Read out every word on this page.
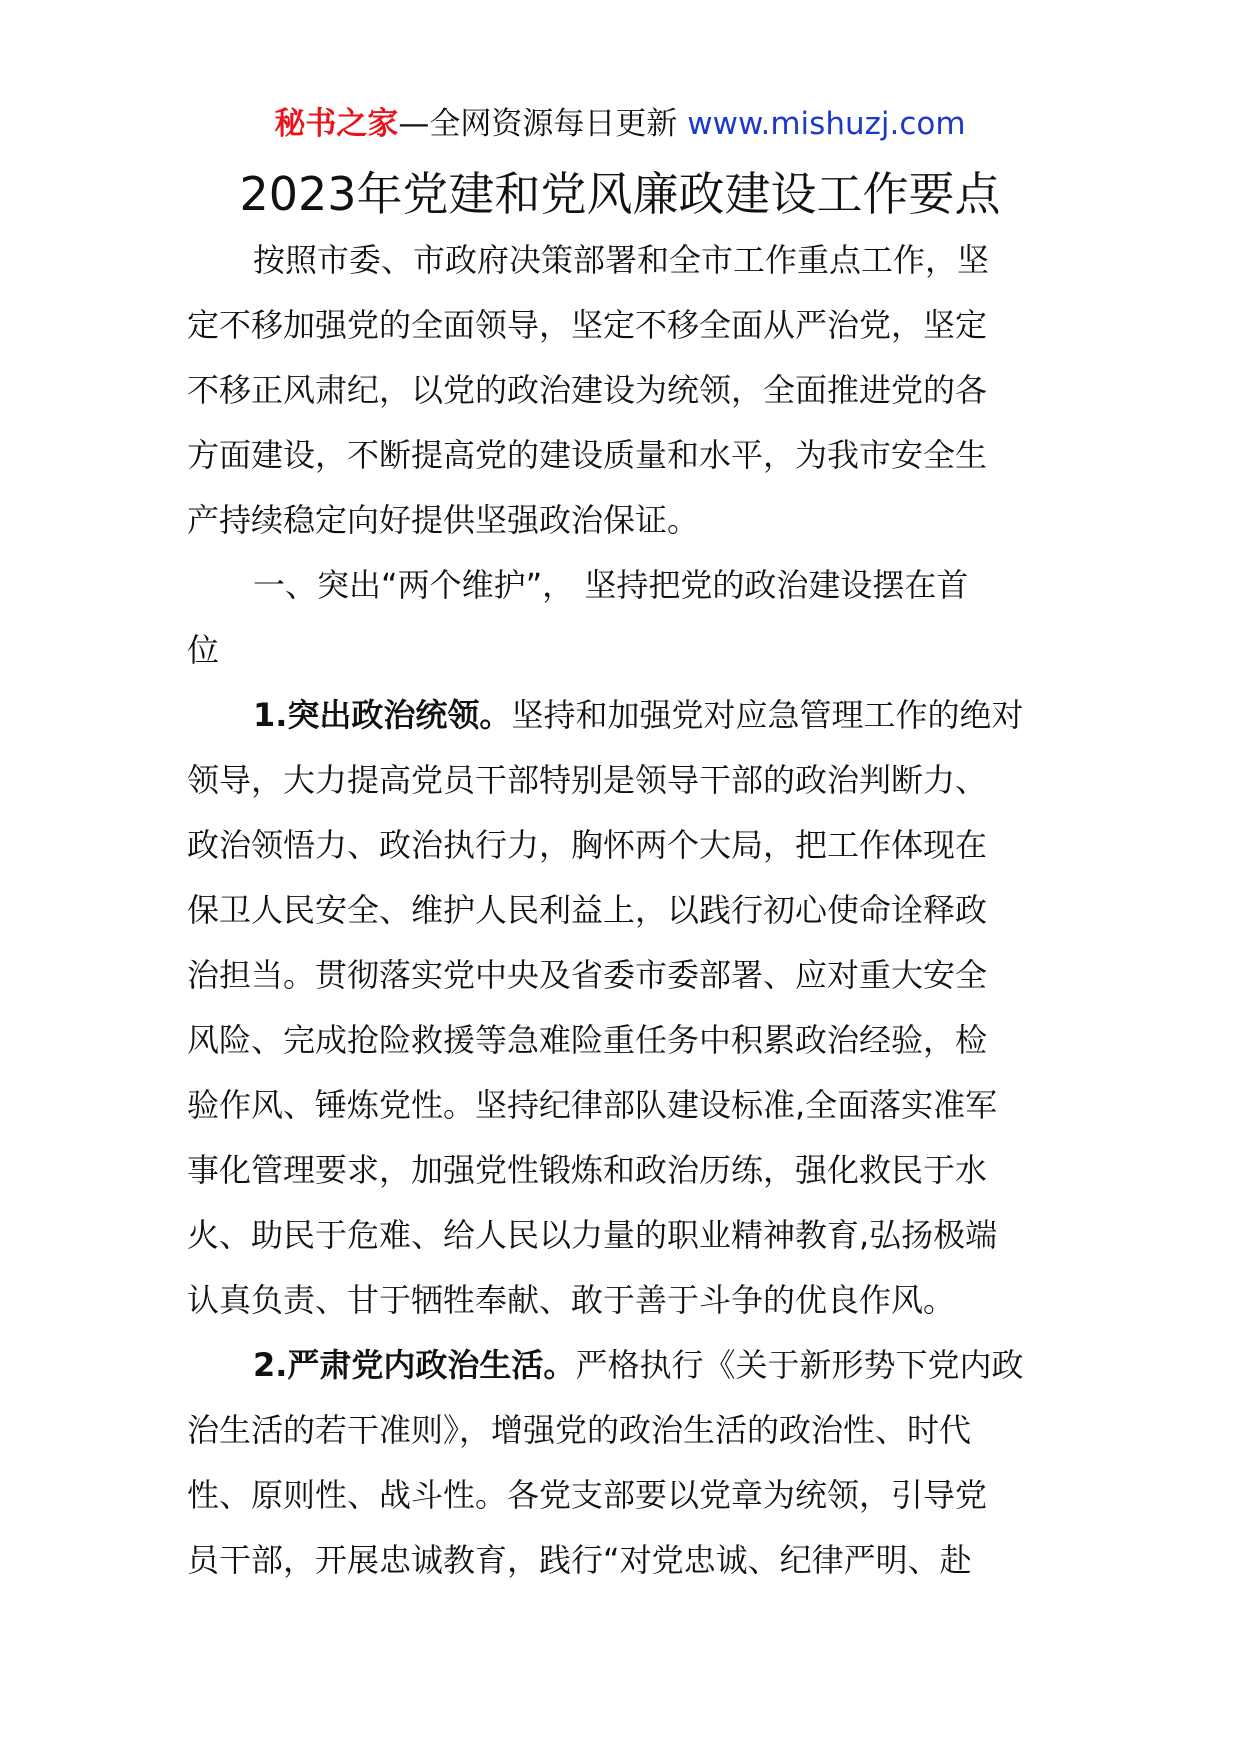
秘书之家—全网资源每日更新 www.mishuzj.com
2023年党建和党风廉政建设工作要点
按照市委、市政府决策部署和全市工作重点工作，坚
定不移加强党的全面领导，坚定不移全面从严治党，坚定
不移正风肃纪，以党的政治建设为统领，全面推进党的各
方面建设，不断提高党的建设质量和水平，为我市安全生
产持续稳定向好提供坚强政治保证。
一、突出“两个维护”， 坚持把党的政治建设摆在首
位
1.突出政治统领。坚持和加强党对应急管理工作的绝对
领导，大力提高党员干部特别是领导干部的政治判断力、
政治领悟力、政治执行力，胸怀两个大局，把工作体现在
保卫人民安全、维护人民利益上，以践行初心使命诠释政
治担当。贯彻落实党中央及省委市委部署、应对重大安全
风险、完成抢险救援等急难险重任务中积累政治经验，检
验作风、锤炼党性。坚持纪律部队建设标准,全面落实准军
事化管理要求，加强党性锻炼和政治历练，强化救民于水
火、助民于危难、给人民以力量的职业精神教育,弘扬极端
认真负责、甘于牺牲奉献、敢于善于斗争的优良作风。
2.严肃党内政治生活。严格执行《关于新形势下党内政
治生活的若干准则》，增强党的政治生活的政治性、时代
性、原则性、战斗性。各党支部要以党章为统领，引导党
员干部，开展忠诚教育，践行“对党忠诚、纪律严明、赴
